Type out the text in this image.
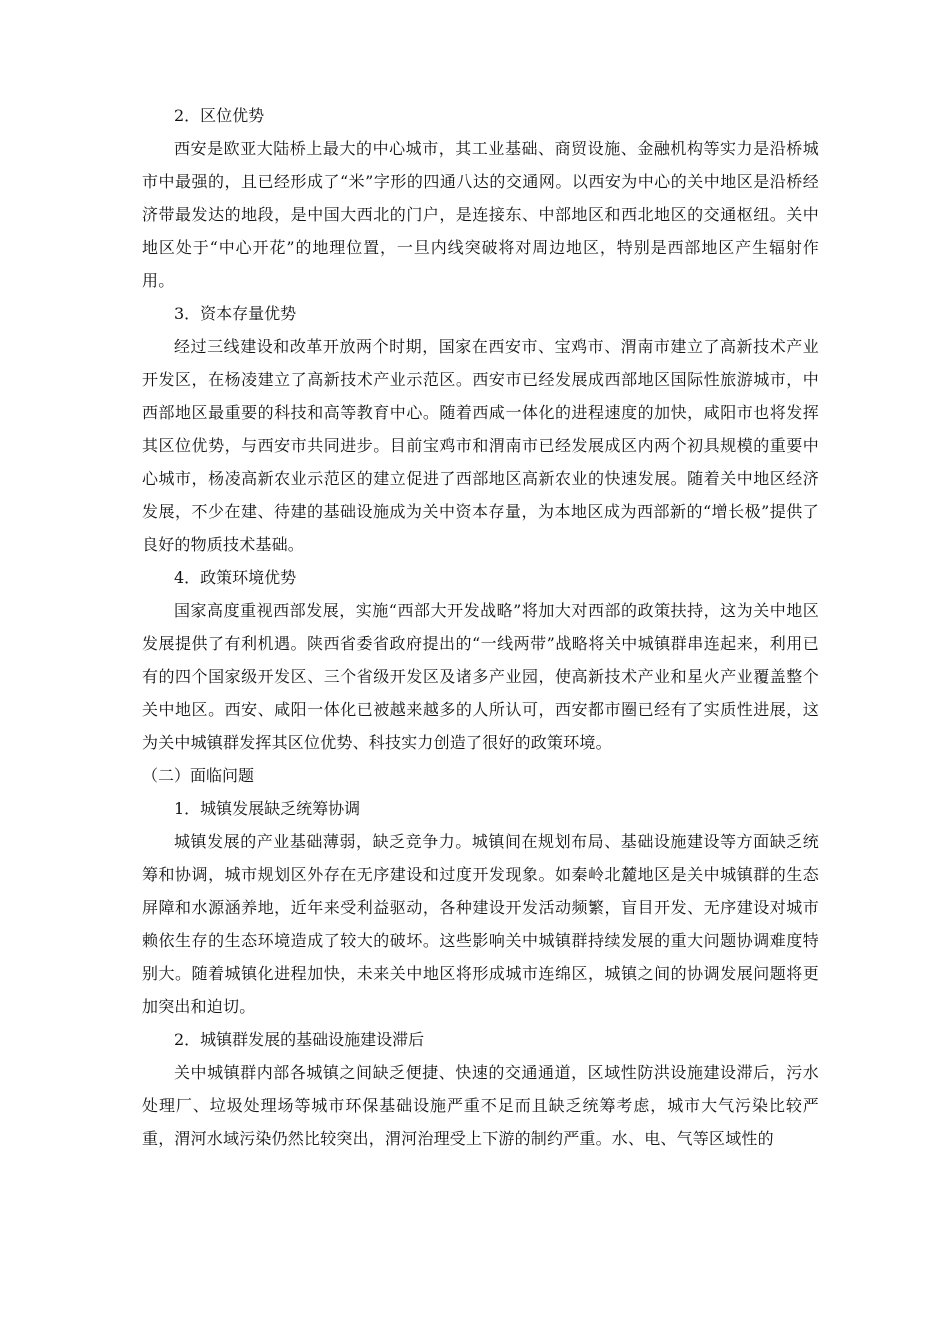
2．区位优势

西安是欧亚大陆桥上最大的中心城市，其工业基础、商贸设施、金融机构等实力是沿桥城市中最强的，且已经形成了“米”字形的四通八达的交通网。以西安为中心的关中地区是沿桥经济带最发达的地段，是中国大西北的门户，是连接东、中部地区和西北地区的交通枢纽。关中地区处于“中心开花”的地理位置，一旦内线突破将对周边地区，特别是西部地区产生辐射作用。

3．资本存量优势

经过三线建设和改革开放两个时期，国家在西安市、宝鸡市、渭南市建立了高新技术产业开发区，在杨凌建立了高新技术产业示范区。西安市已经发展成西部地区国际性旅游城市，中西部地区最重要的科技和高等教育中心。随着西咸一体化的进程速度的加快，咸阳市也将发挥其区位优势，与西安市共同进步。目前宝鸡市和渭南市已经发展成区内两个初具规模的重要中心城市，杨凌高新农业示范区的建立促进了西部地区高新农业的快速发展。随着关中地区经济发展，不少在建、待建的基础设施成为关中资本存量，为本地区成为西部新的“增长极”提供了良好的物质技术基础。

4．政策环境优势

国家高度重视西部发展，实施“西部大开发战略”将加大对西部的政策扶持，这为关中地区发展提供了有利机遇。陕西省委省政府提出的“一线两带”战略将关中城镇群串连起来，利用已有的四个国家级开发区、三个省级开发区及诸多产业园，使高新技术产业和星火产业覆盖整个关中地区。西安、咸阳一体化已被越来越多的人所认可，西安都市圈已经有了实质性进展，这为关中城镇群发挥其区位优势、科技实力创造了很好的政策环境。

（二）面临问题
1．城镇发展缺乏统筹协调

城镇发展的产业基础薄弱，缺乏竞争力。城镇间在规划布局、基础设施建设等方面缺乏统筹和协调，城市规划区外存在无序建设和过度开发现象。如秦岭北麓地区是关中城镇群的生态屏障和水源涵养地，近年来受利益驱动，各种建设开发活动频繁，盲目开发、无序建设对城市赖依生存的生态环境造成了较大的破坏。这些影响关中城镇群持续发展的重大问题协调难度特别大。随着城镇化进程加快，未来关中地区将形成城市连绵区，城镇之间的协调发展问题将更加突出和迫切。

2．城镇群发展的基础设施建设滞后

关中城镇群内部各城镇之间缺乏便捷、快速的交通通道，区域性防洪设施建设滞后，污水处理厂、垃圾处理场等城市环保基础设施严重不足而且缺乏统筹考虑，城市大气污染比较严重，渭河水域污染仍然比较突出，渭河治理受上下游的制约严重。水、电、气等区域性的
